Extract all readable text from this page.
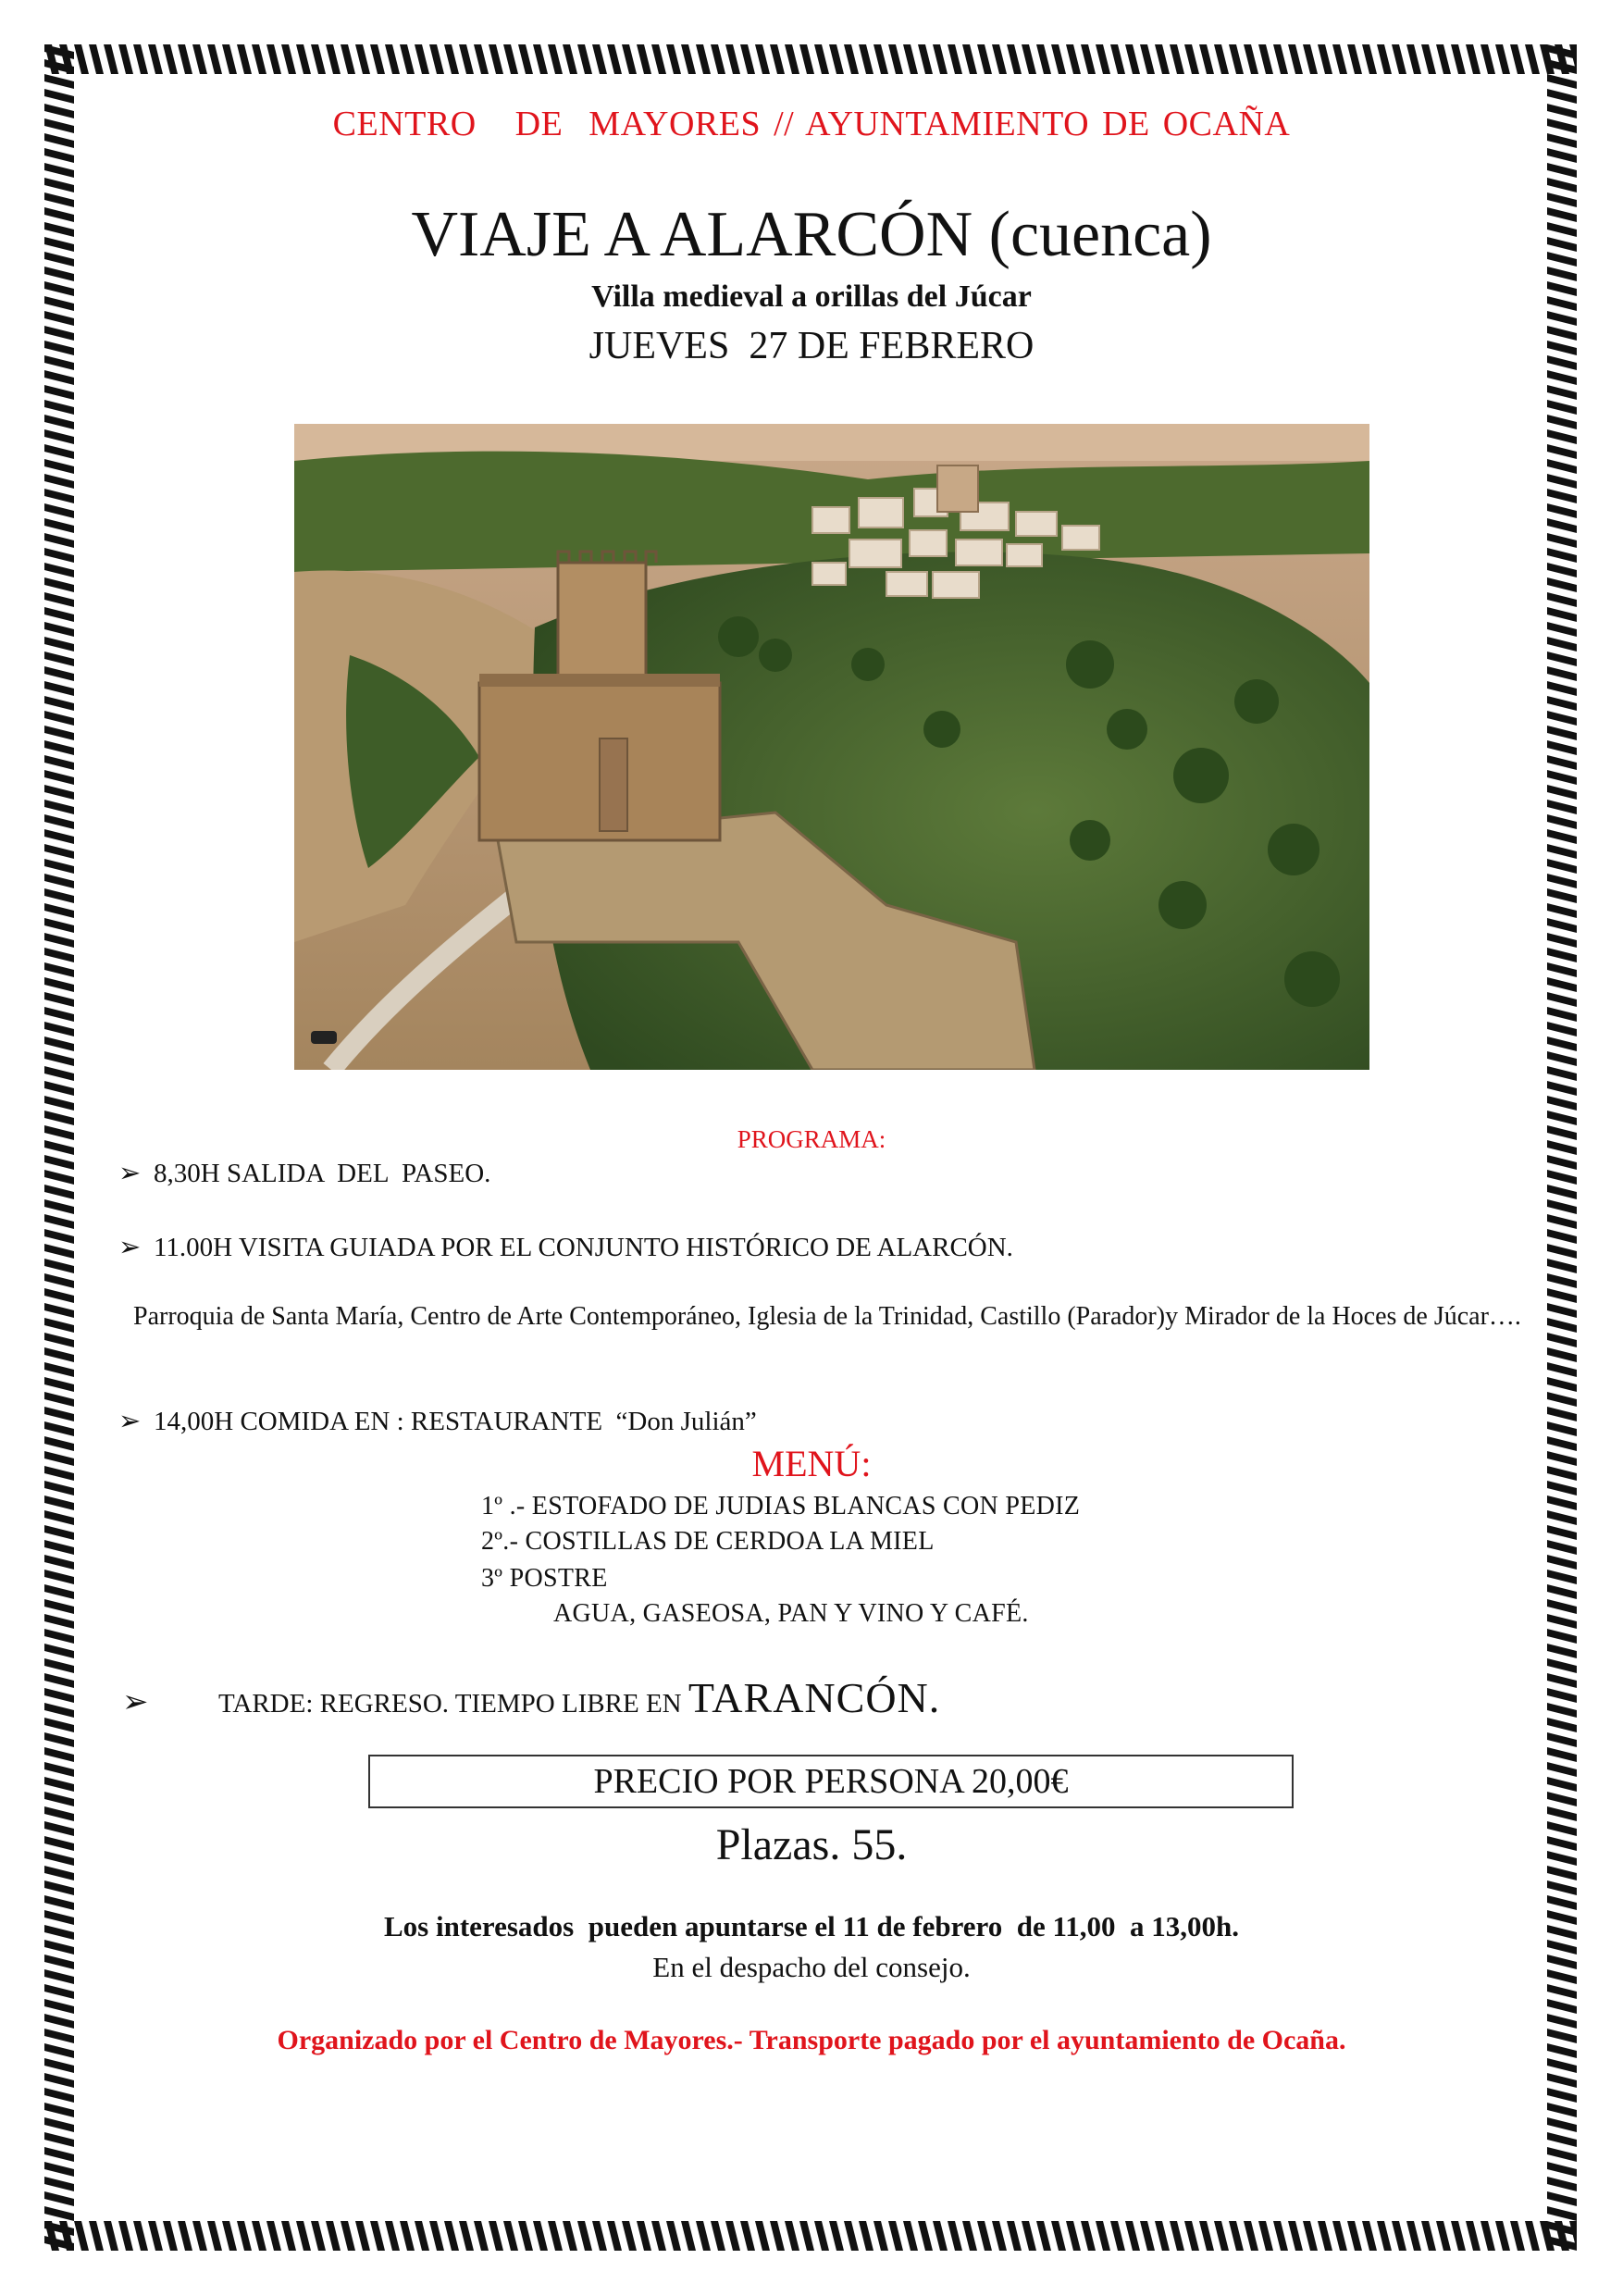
CENTRO   DE  MAYORES // AYUNTAMIENTO DE OCAÑA
VIAJE A ALARCÓN (cuenca)
Villa medieval a orillas del Júcar
JUEVES  27 DE FEBRERO
PROGRAMA:
➢ 8,30H SALIDA  DEL  PASEO.
➢ 11.00H VISITA GUIADA POR EL CONJUNTO HISTÓRICO DE ALARCÓN.
Parroquia de Santa María, Centro de Arte Contemporáneo, Iglesia de la Trinidad, Castillo (Parador)y Mirador de la Hoces de Júcar….
➢ 14,00H COMIDA EN : RESTAURANTE  “Don Julián”
MENÚ:
1º .- ESTOFADO DE JUDIAS BLANCAS CON PEDIZ
2º.- COSTILLAS DE CERDOA LA MIEL
3º POSTRE
AGUA, GASEOSA, PAN Y VINO Y CAFÉ.
➢	TARDE: REGRESO. TIEMPO LIBRE EN TARANCÓN.
PRECIO POR PERSONA 20,00€
Plazas. 55.
Los interesados  pueden apuntarse el 11 de febrero  de 11,00  a 13,00h.
En el despacho del consejo.
Organizado por el Centro de Mayores.- Transporte pagado por el ayuntamiento de Ocaña.
